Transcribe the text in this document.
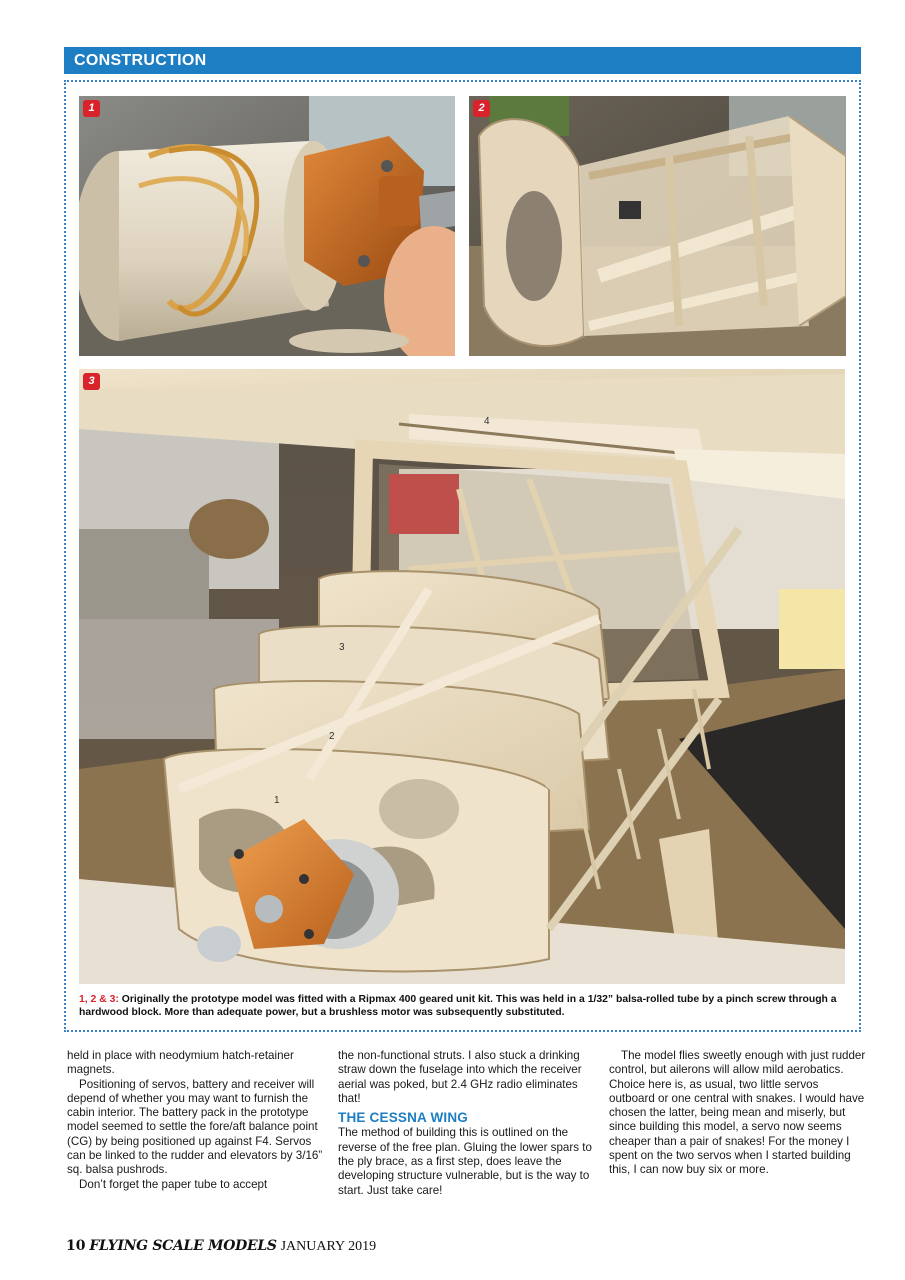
CONSTRUCTION
1	2
4
3
2
1
3
1, 2 & 3: Originally the prototype model was fitted with a Ripmax 400 geared unit kit. This was held in a 1/32” balsa-rolled tube by a pinch screw through a hardwood block. More than adequate power, but a brushless motor was subsequently substituted.

held in place with neodymium hatch-retainer magnets.

Positioning of servos, battery and receiver will depend of whether you may want to furnish the cabin interior. The battery pack in the prototype model seemed to settle the fore/aft balance point (CG) by being positioned up against F4. Servos can be linked to the rudder and elevators by 3/16” sq. balsa pushrods.

Don’t forget the paper tube to accept

the non-functional struts. I also stuck a drinking straw down the fuselage into which the receiver aerial was poked, but 2.4 GHz radio eliminates that!

THE CESSNA WING

The method of building this is outlined on the reverse of the free plan. Gluing the lower spars to the ply brace, as a first step, does leave the developing structure vulnerable, but is the way to start. Just take care!

The model flies sweetly enough with just rudder control, but ailerons will allow mild aerobatics. Choice here is, as usual, two little servos outboard or one central with snakes. I would have chosen the latter, being mean and miserly, but since building this model, a servo now seems cheaper than a pair of snakes! For the money I spent on the two servos when I started building this, I can now buy six or more.

10 FLYING SCALE MODELS JANUARY 2019
